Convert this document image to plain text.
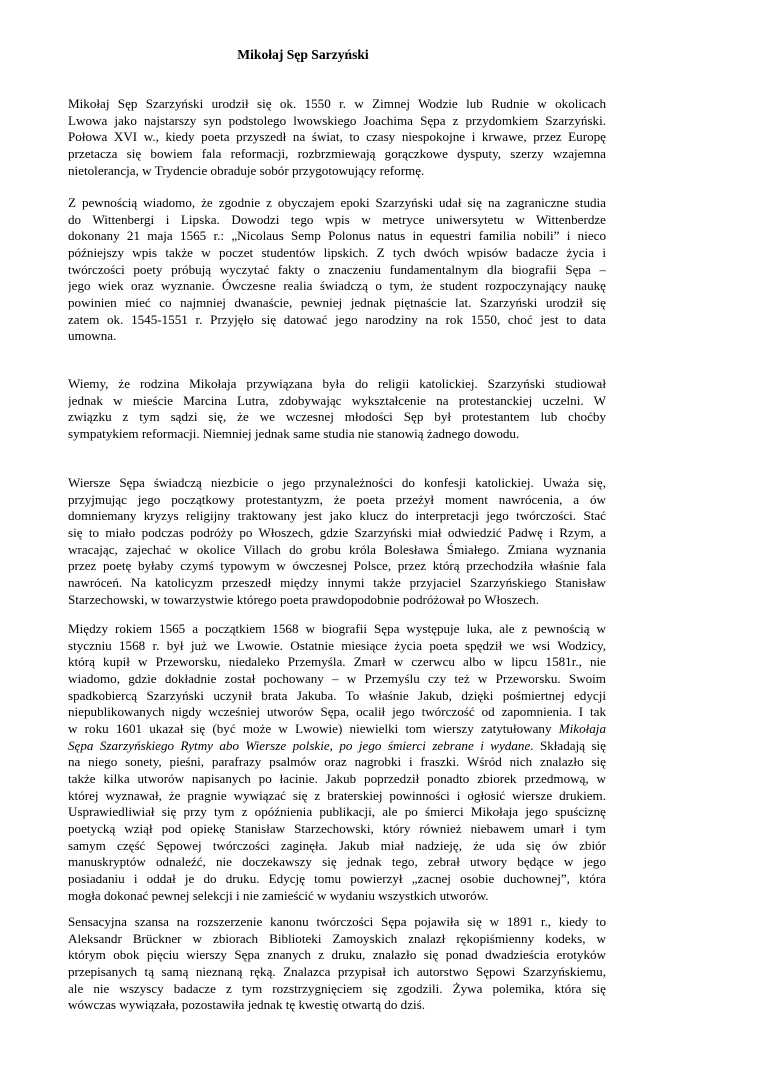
Mikołaj Sęp Sarzyński
Mikołaj Sęp Szarzyński urodził się ok. 1550 r. w Zimnej Wodzie lub Rudnie w okolicach
Lwowa jako najstarszy syn podstolego lwowskiego Joachima Sępa z przydomkiem Szarzyński.
Połowa XVI w., kiedy poeta przyszedł na świat, to czasy niespokojne i krwawe, przez Europę
przetacza się bowiem fala reformacji, rozbrzmiewają gorączkowe dysputy, szerzy wzajemna
nietolerancja, w Trydencie obraduje sobór przygotowujący reformę.
Z pewnością wiadomo, że zgodnie z obyczajem epoki Szarzyński udał się na zagraniczne studia
do Wittenbergi i Lipska. Dowodzi tego wpis w metryce uniwersytetu w Wittenberdze
dokonany 21 maja 1565 r.: „Nicolaus Semp Polonus natus in equestri familia nobili” i nieco
późniejszy wpis także w poczet studentów lipskich. Z tych dwóch wpisów badacze życia i
twórczości poety próbują wyczytać fakty o znaczeniu fundamentalnym dla biografii Sępa –
jego wiek oraz wyznanie. Ówczesne realia świadczą o tym, że student rozpoczynający naukę
powinien mieć co najmniej dwanaście, pewniej jednak piętnaście lat. Szarzyński urodził się
zatem ok. 1545-1551 r. Przyjęło się datować jego narodziny na rok 1550, choć jest to data
umowna.
Wiemy, że rodzina Mikołaja przywiązana była do religii katolickiej. Szarzyński studiował
jednak w mieście Marcina Lutra, zdobywając wykształcenie na protestanckiej uczelni. W
związku z tym sądzi się, że we wczesnej młodości Sęp był protestantem lub choćby
sympatykiem reformacji. Niemniej jednak same studia nie stanowią żadnego dowodu.
Wiersze Sępa świadczą niezbicie o jego przynależności do konfesji katolickiej. Uważa się,
przyjmując jego początkowy protestantyzm, że poeta przeżył moment nawrócenia, a ów
domniemany kryzys religijny traktowany jest jako klucz do interpretacji jego twórczości. Stać
się to miało podczas podróży po Włoszech, gdzie Szarzyński miał odwiedzić Padwę i Rzym, a
wracając, zajechać w okolice Villach do grobu króla Bolesława Śmiałego. Zmiana wyznania
przez poetę byłaby czymś typowym w ówczesnej Polsce, przez którą przechodziła właśnie fala
nawróceń. Na katolicyzm przeszedł między innymi także przyjaciel Szarzyńskiego Stanisław
Starzechowski, w towarzystwie którego poeta prawdopodobnie podróżował po Włoszech.
Między rokiem 1565 a początkiem 1568 w biografii Sępa występuje luka, ale z pewnością w
styczniu 1568 r. był już we Lwowie. Ostatnie miesiące życia poeta spędził we wsi Wodzicy,
którą kupił w Przeworsku, niedaleko Przemyśla. Zmarł w czerwcu albo w lipcu 1581r., nie
wiadomo, gdzie dokładnie został pochowany – w Przemyślu czy też w Przeworsku. Swoim
spadkobiercą Szarzyński uczynił brata Jakuba. To właśnie Jakub, dzięki pośmiertnej edycji
niepublikowanych nigdy wcześniej utworów Sępa, ocalił jego twórczość od zapomnienia. I tak
w roku 1601 ukazał się (być może w Lwowie) niewielki tom wierszy zatytułowany Mikołaja
Sępa Szarzyńskiego Rytmy abo Wiersze polskie, po jego śmierci zebrane i wydane. Składają się
na niego sonety, pieśni, parafrazy psalmów oraz nagrobki i fraszki. Wśród nich znalazło się
także kilka utworów napisanych po łacinie. Jakub poprzedził ponadto zbiorek przedmową, w
której wyznawał, że pragnie wywiązać się z braterskiej powinności i ogłosić wiersze drukiem.
Usprawiedliwiał się przy tym z opóźnienia publikacji, ale po śmierci Mikołaja jego spuściznę
poetycką wziął pod opiekę Stanisław Starzechowski, który również niebawem umarł i tym
samym część Sępowej twórczości zaginęła. Jakub miał nadzieję, że uda się ów zbiór
manuskryptów odnaleźć, nie doczekawszy się jednak tego, zebrał utwory będące w jego
posiadaniu i oddał je do druku. Edycję tomu powierzył „zacnej osobie duchownej”, która
mogła dokonać pewnej selekcji i nie zamieścić w wydaniu wszystkich utworów.
Sensacyjna szansa na rozszerzenie kanonu twórczości Sępa pojawiła się w 1891 r., kiedy to
Aleksandr Brückner w zbiorach Biblioteki Zamoyskich znalazł rękopiśmienny kodeks, w
którym obok pięciu wierszy Sępa znanych z druku, znalazło się ponad dwadzieścia erotyków
przepisanych tą samą nieznaną ręką. Znalazca przypisał ich autorstwo Sępowi Szarzyńskiemu,
ale nie wszyscy badacze z tym rozstrzygnięciem się zgodzili. Żywa polemika, która się
wówczas wywiązała, pozostawiła jednak tę kwestię otwartą do dziś.
